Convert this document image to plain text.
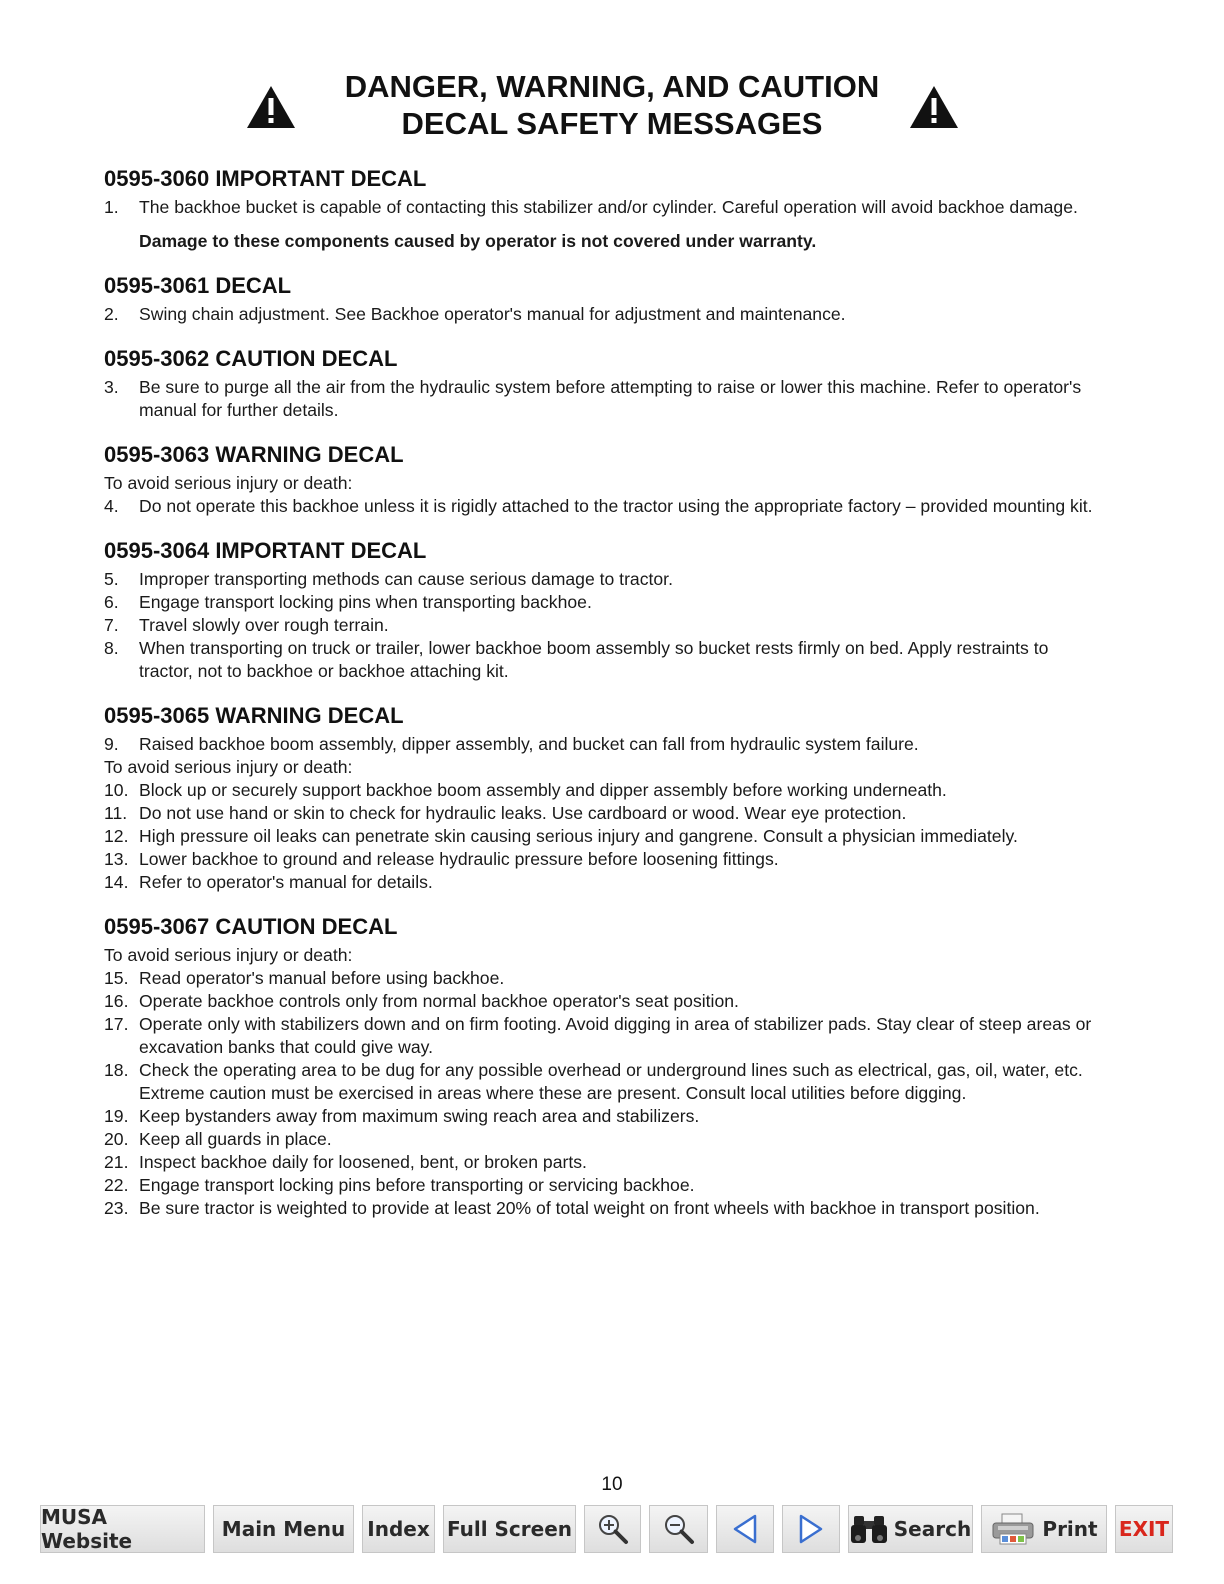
DANGER, WARNING, AND CAUTION
DECAL SAFETY MESSAGES
0595-3060 IMPORTANT DECAL
1.	The backhoe bucket is capable of contacting this stabilizer and/or cylinder. Careful operation will avoid backhoe damage.
Damage to these components caused by operator is not covered under warranty.
0595-3061 DECAL
2.	Swing chain adjustment. See Backhoe operator's manual for adjustment and maintenance.
0595-3062 CAUTION DECAL
3.	Be sure to purge all the air from the hydraulic system before attempting to raise or lower this machine. Refer to operator's manual for further details.
0595-3063 WARNING DECAL
To avoid serious injury or death:
4.	Do not operate this backhoe unless it is rigidly attached to the tractor using the appropriate factory – provided mounting kit.
0595-3064 IMPORTANT DECAL
5.	Improper transporting methods can cause serious damage to tractor.
6.	Engage transport locking pins when transporting backhoe.
7.	Travel slowly over rough terrain.
8.	When transporting on truck or trailer, lower backhoe boom assembly so bucket rests firmly on bed. Apply restraints to tractor, not to backhoe or backhoe attaching kit.
0595-3065 WARNING DECAL
9.	Raised backhoe boom assembly, dipper assembly, and bucket can fall from hydraulic system failure.
To avoid serious injury or death:
10. Block up or securely support backhoe boom assembly and dipper assembly before working underneath.
11. Do not use hand or skin to check for hydraulic leaks. Use cardboard or wood. Wear eye protection.
12. High pressure oil leaks can penetrate skin causing serious injury and gangrene. Consult a physician immediately.
13. Lower backhoe to ground and release hydraulic pressure before loosening fittings.
14. Refer to operator's manual for details.
0595-3067 CAUTION DECAL
To avoid serious injury or death:
15. Read operator's manual before using backhoe.
16. Operate backhoe controls only from normal backhoe operator's seat position.
17. Operate only with stabilizers down and on firm footing. Avoid digging in area of stabilizer pads. Stay clear of steep areas or excavation banks that could give way.
18. Check the operating area to be dug for any possible overhead or underground lines such as electrical, gas, oil, water, etc. Extreme caution must be exercised in areas where these are present. Consult local utilities before digging.
19. Keep bystanders away from maximum swing reach area and stabilizers.
20. Keep all guards in place.
21. Inspect backhoe daily for loosened, bent, or broken parts.
22. Engage transport locking pins before transporting or servicing backhoe.
23. Be sure tractor is weighted to provide at least 20% of total weight on front wheels with backhoe in transport position.
10
MUSA Website	Main Menu Index Full Screen	Search	Print EXIT
